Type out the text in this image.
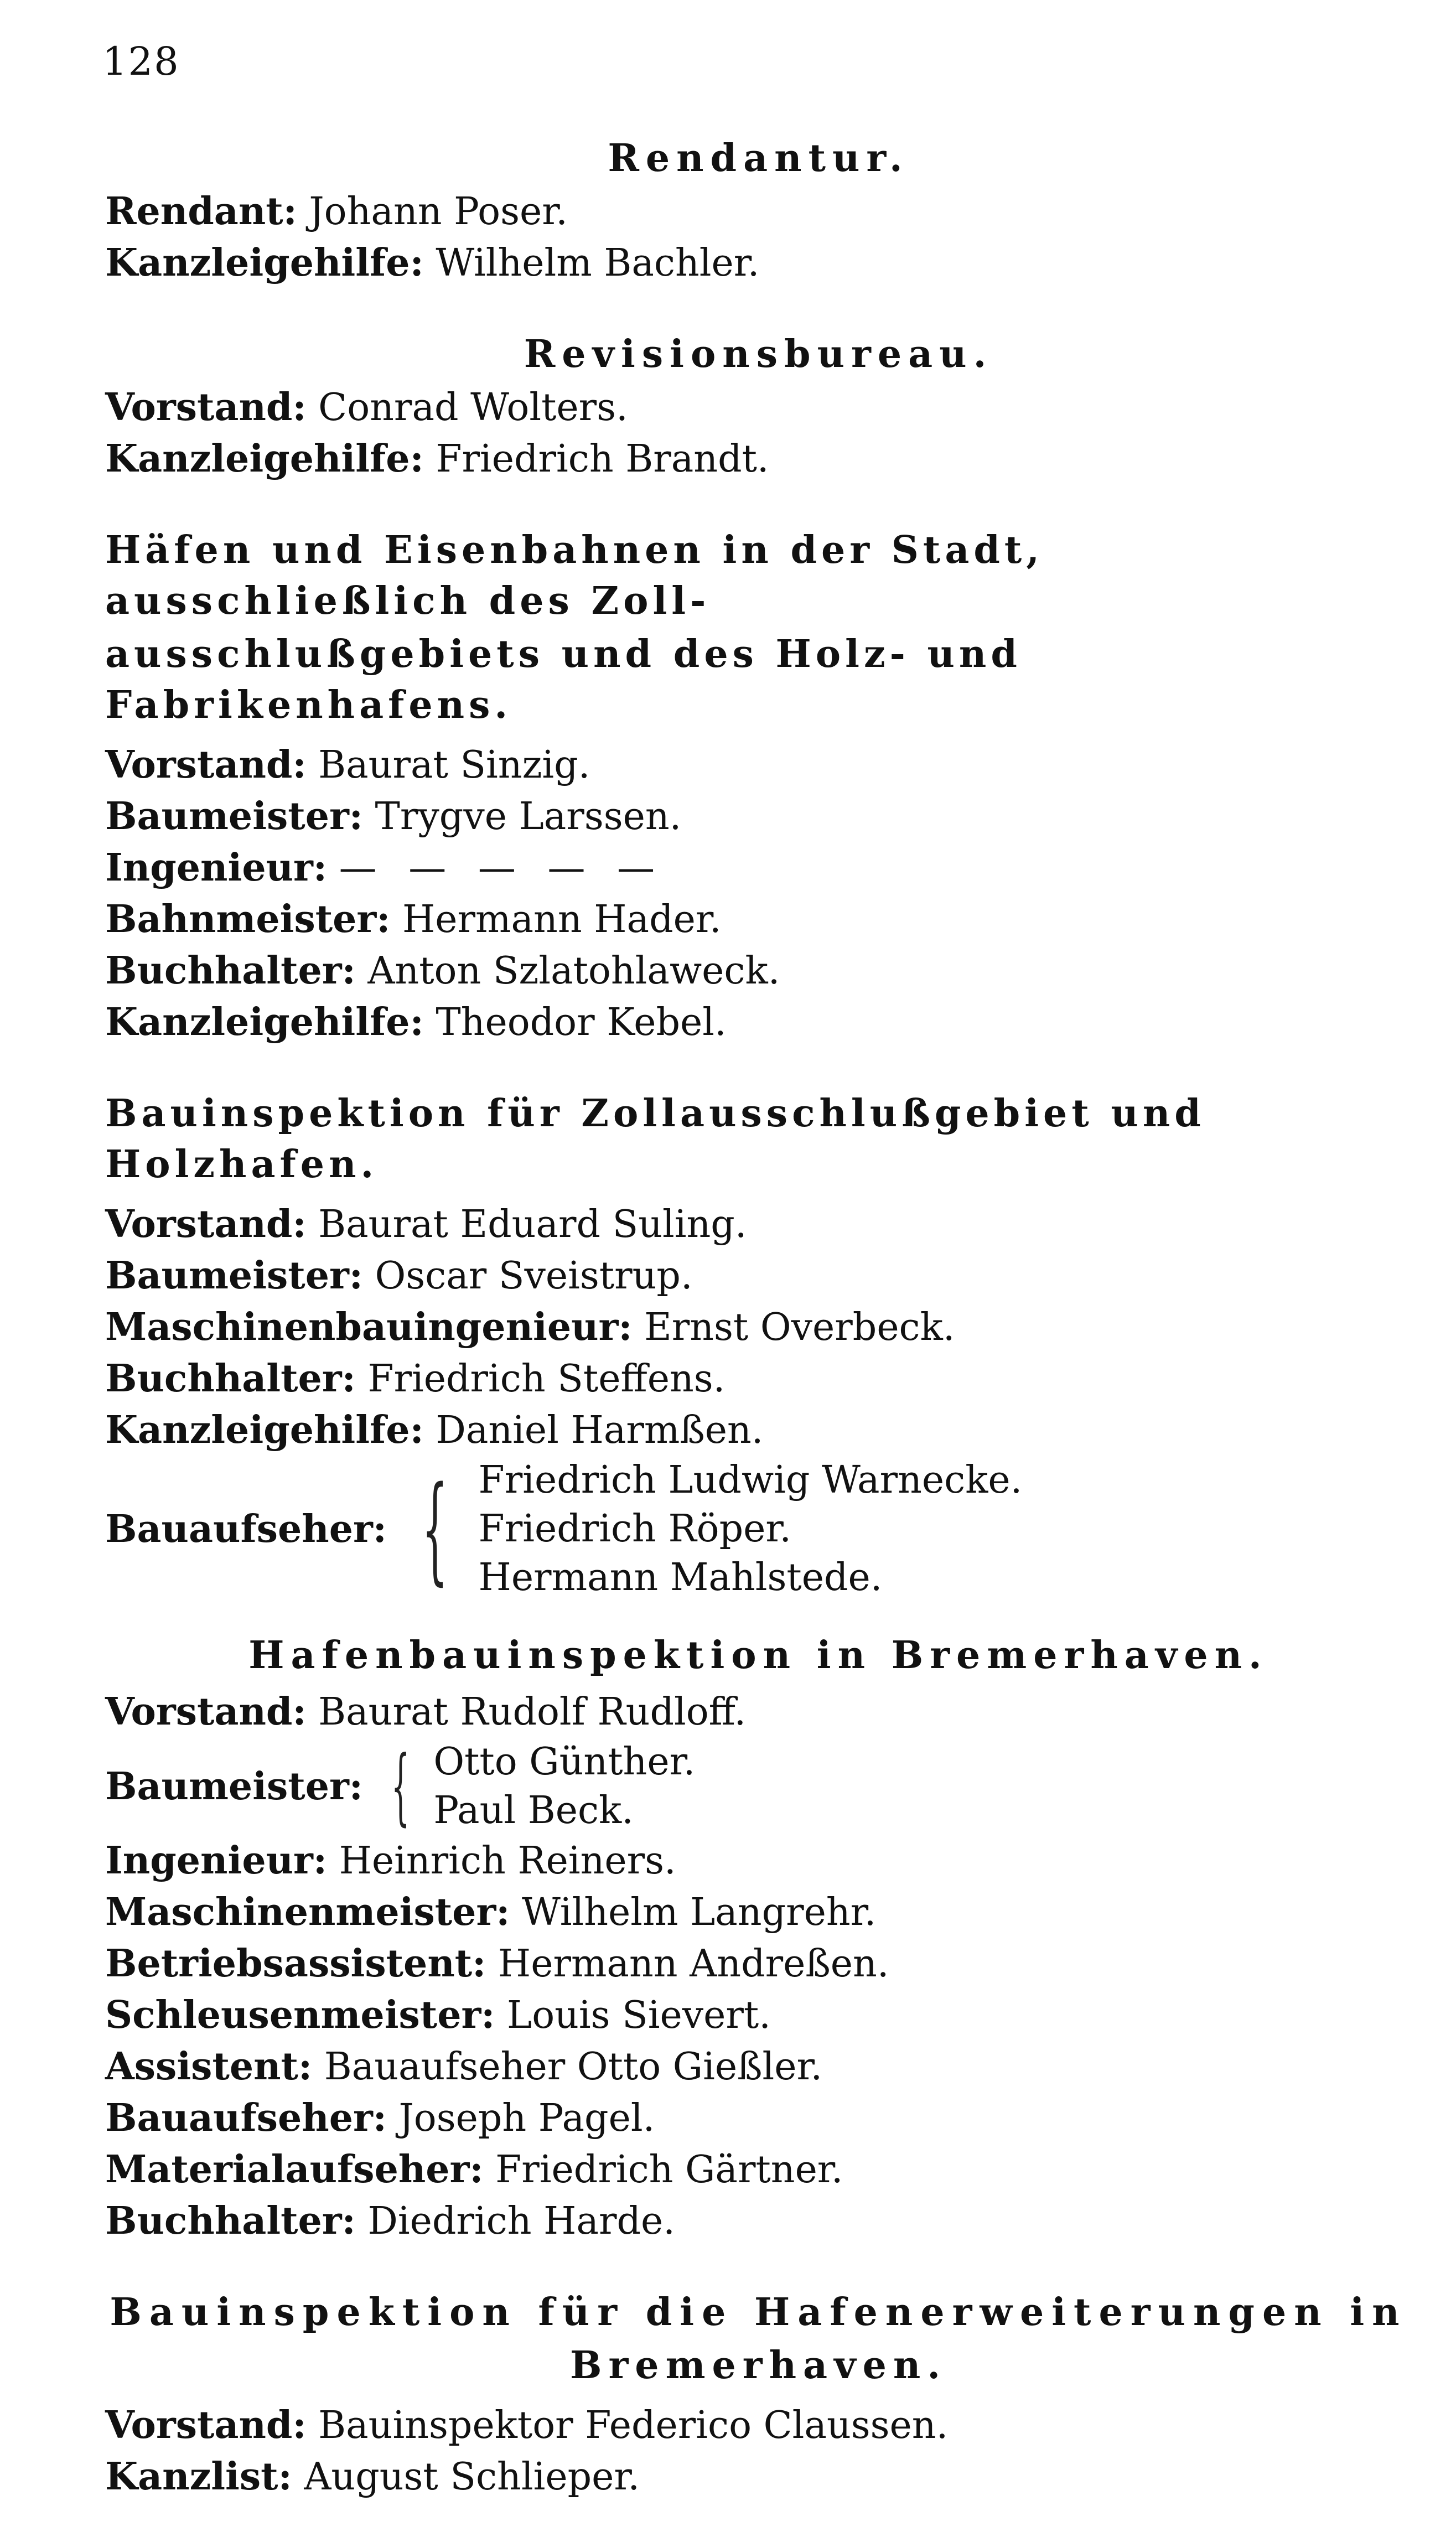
128
Rendantur.
Rendant: Johann Poser.
Kanzleigehilfe: Wilhelm Bachler.
Revisionsbureau.
Vorstand: Conrad Wolters.
Kanzleigehilfe: Friedrich Brandt.
Häfen und Eisenbahnen in der Stadt, ausschließlich des Zoll-
ausschlußgebiets und des Holz- und Fabrikenhafens.
Vorstand: Baurat Sinzig.
Baumeister: Trygve Larssen.
Ingenieur: — — — — —
Bahnmeister: Hermann Hader.
Buchhalter: Anton Szlatohlaweck.
Kanzleigehilfe: Theodor Kebel.
Bauinspektion für Zollausschlußgebiet und Holzhafen.
Vorstand: Baurat Eduard Suling.
Baumeister: Oscar Sveistrup.
Maschinenbauingenieur: Ernst Overbeck.
Buchhalter: Friedrich Steffens.
Kanzleigehilfe: Daniel Harmßen.
Bauaufseher: { Friedrich Ludwig Warnecke.
Friedrich Röper.
Hermann Mahlstede.
Hafenbauinspektion in Bremerhaven.
Vorstand: Baurat Rudolf Rudloff.
Baumeister: { Otto Günther.
Paul Beck.
Ingenieur: Heinrich Reiners.
Maschinenmeister: Wilhelm Langrehr.
Betriebsassistent: Hermann Andreßen.
Schleusenmeister: Louis Sievert.
Assistent: Bauaufseher Otto Gießler.
Bauaufseher: Joseph Pagel.
Materialaufseher: Friedrich Gärtner.
Buchhalter: Diedrich Harde.
Bauinspektion für die Hafenerweiterungen in
Bremerhaven.
Vorstand: Bauinspektor Federico Claussen.
Kanzlist: August Schlieper.
